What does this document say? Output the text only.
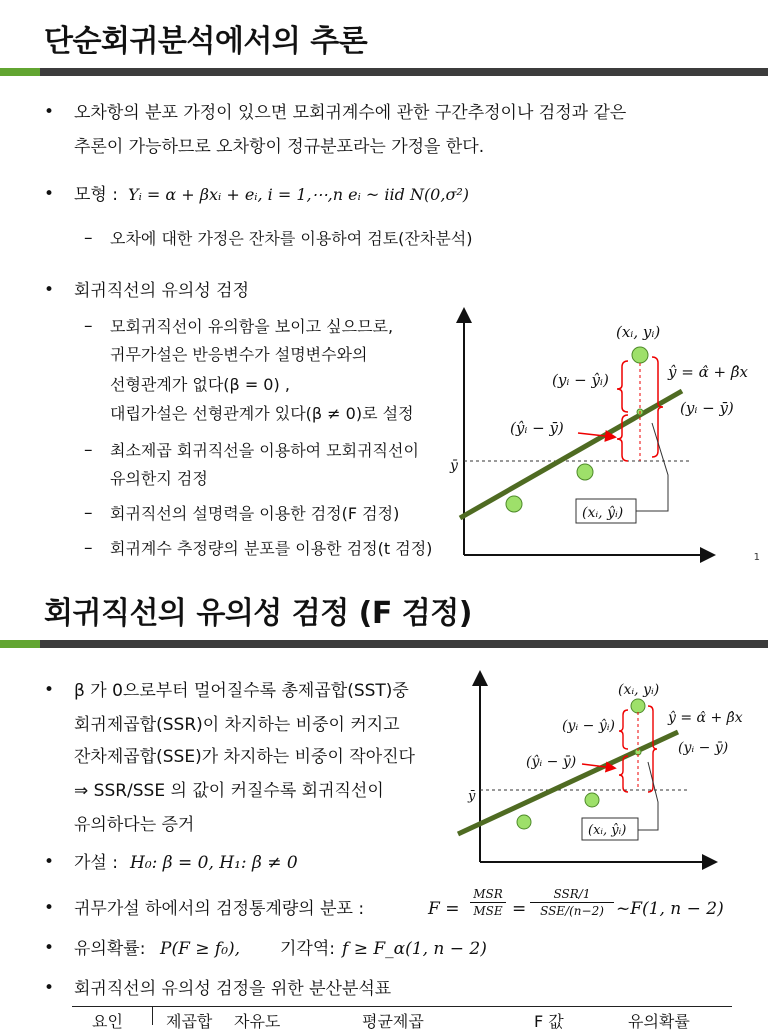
단순회귀분석에서의 추론
• 오차항의 분포 가정이 있으면 모회귀계수에 관한 구간추정이나 검정과 같은
추론이 가능하므로 오차항이 정규분포라는 가정을 한다.
• 모형 : Yᵢ = α + βxᵢ + eᵢ, i = 1,⋯,n eᵢ ~ iid N(0,σ²)
– 오차에 대한 가정은 잔차를 이용하여 검토(잔차분석)
• 회귀직선의 유의성 검정
– 모회귀직선이 유의함을 보이고 싶으므로,
귀무가설은 반응변수가 설명변수와의
선형관계가 없다(β = 0) ,
대립가설은 선형관계가 있다(β ≠ 0)로 설정
– 최소제곱 회귀직선을 이용하여 모회귀직선이
유의한지 검정
– 회귀직선의 설명력을 이용한 검정(F 검정)
– 회귀계수 추정량의 분포를 이용한 검정(t 검정)
ȳ
(xᵢ, yᵢ)
ŷ = α̂ + β̂x
(yᵢ − ŷᵢ)
(yᵢ − ȳ)
(ŷᵢ − ȳ)
(xᵢ, ŷᵢ)
1
회귀직선의 유의성 검정 (F 검정)
• β 가 0으로부터 멀어질수록 총제곱합(SST)중
회귀제곱합(SSR)이 차지하는 비중이 커지고
잔차제곱합(SSE)가 차지하는 비중이 작아진다
⇒ SSR/SSE 의 값이 커질수록 회귀직선이
유의하다는 증거
• 가설 : H₀: β = 0, H₁: β ≠ 0
• 귀무가설 하에서의 검정통계량의 분포 :	F =
MSR
MSE =
SSR/1
SSE/(n−2) ~F(1, n − 2)
• 유의확률: P(F ≥ f₀), 기각역: f ≥ F_α(1, n − 2)
• 회귀직선의 유의성 검정을 위한 분산분석표
요인	제곱합 자유도	평균제곱	F 값	유의확률
ȳ
(xᵢ, yᵢ)
ŷ = α̂ + β̂x
(yᵢ − ŷᵢ)
(yᵢ − ȳ)
(ŷᵢ − ȳ)
(xᵢ, ŷᵢ)
